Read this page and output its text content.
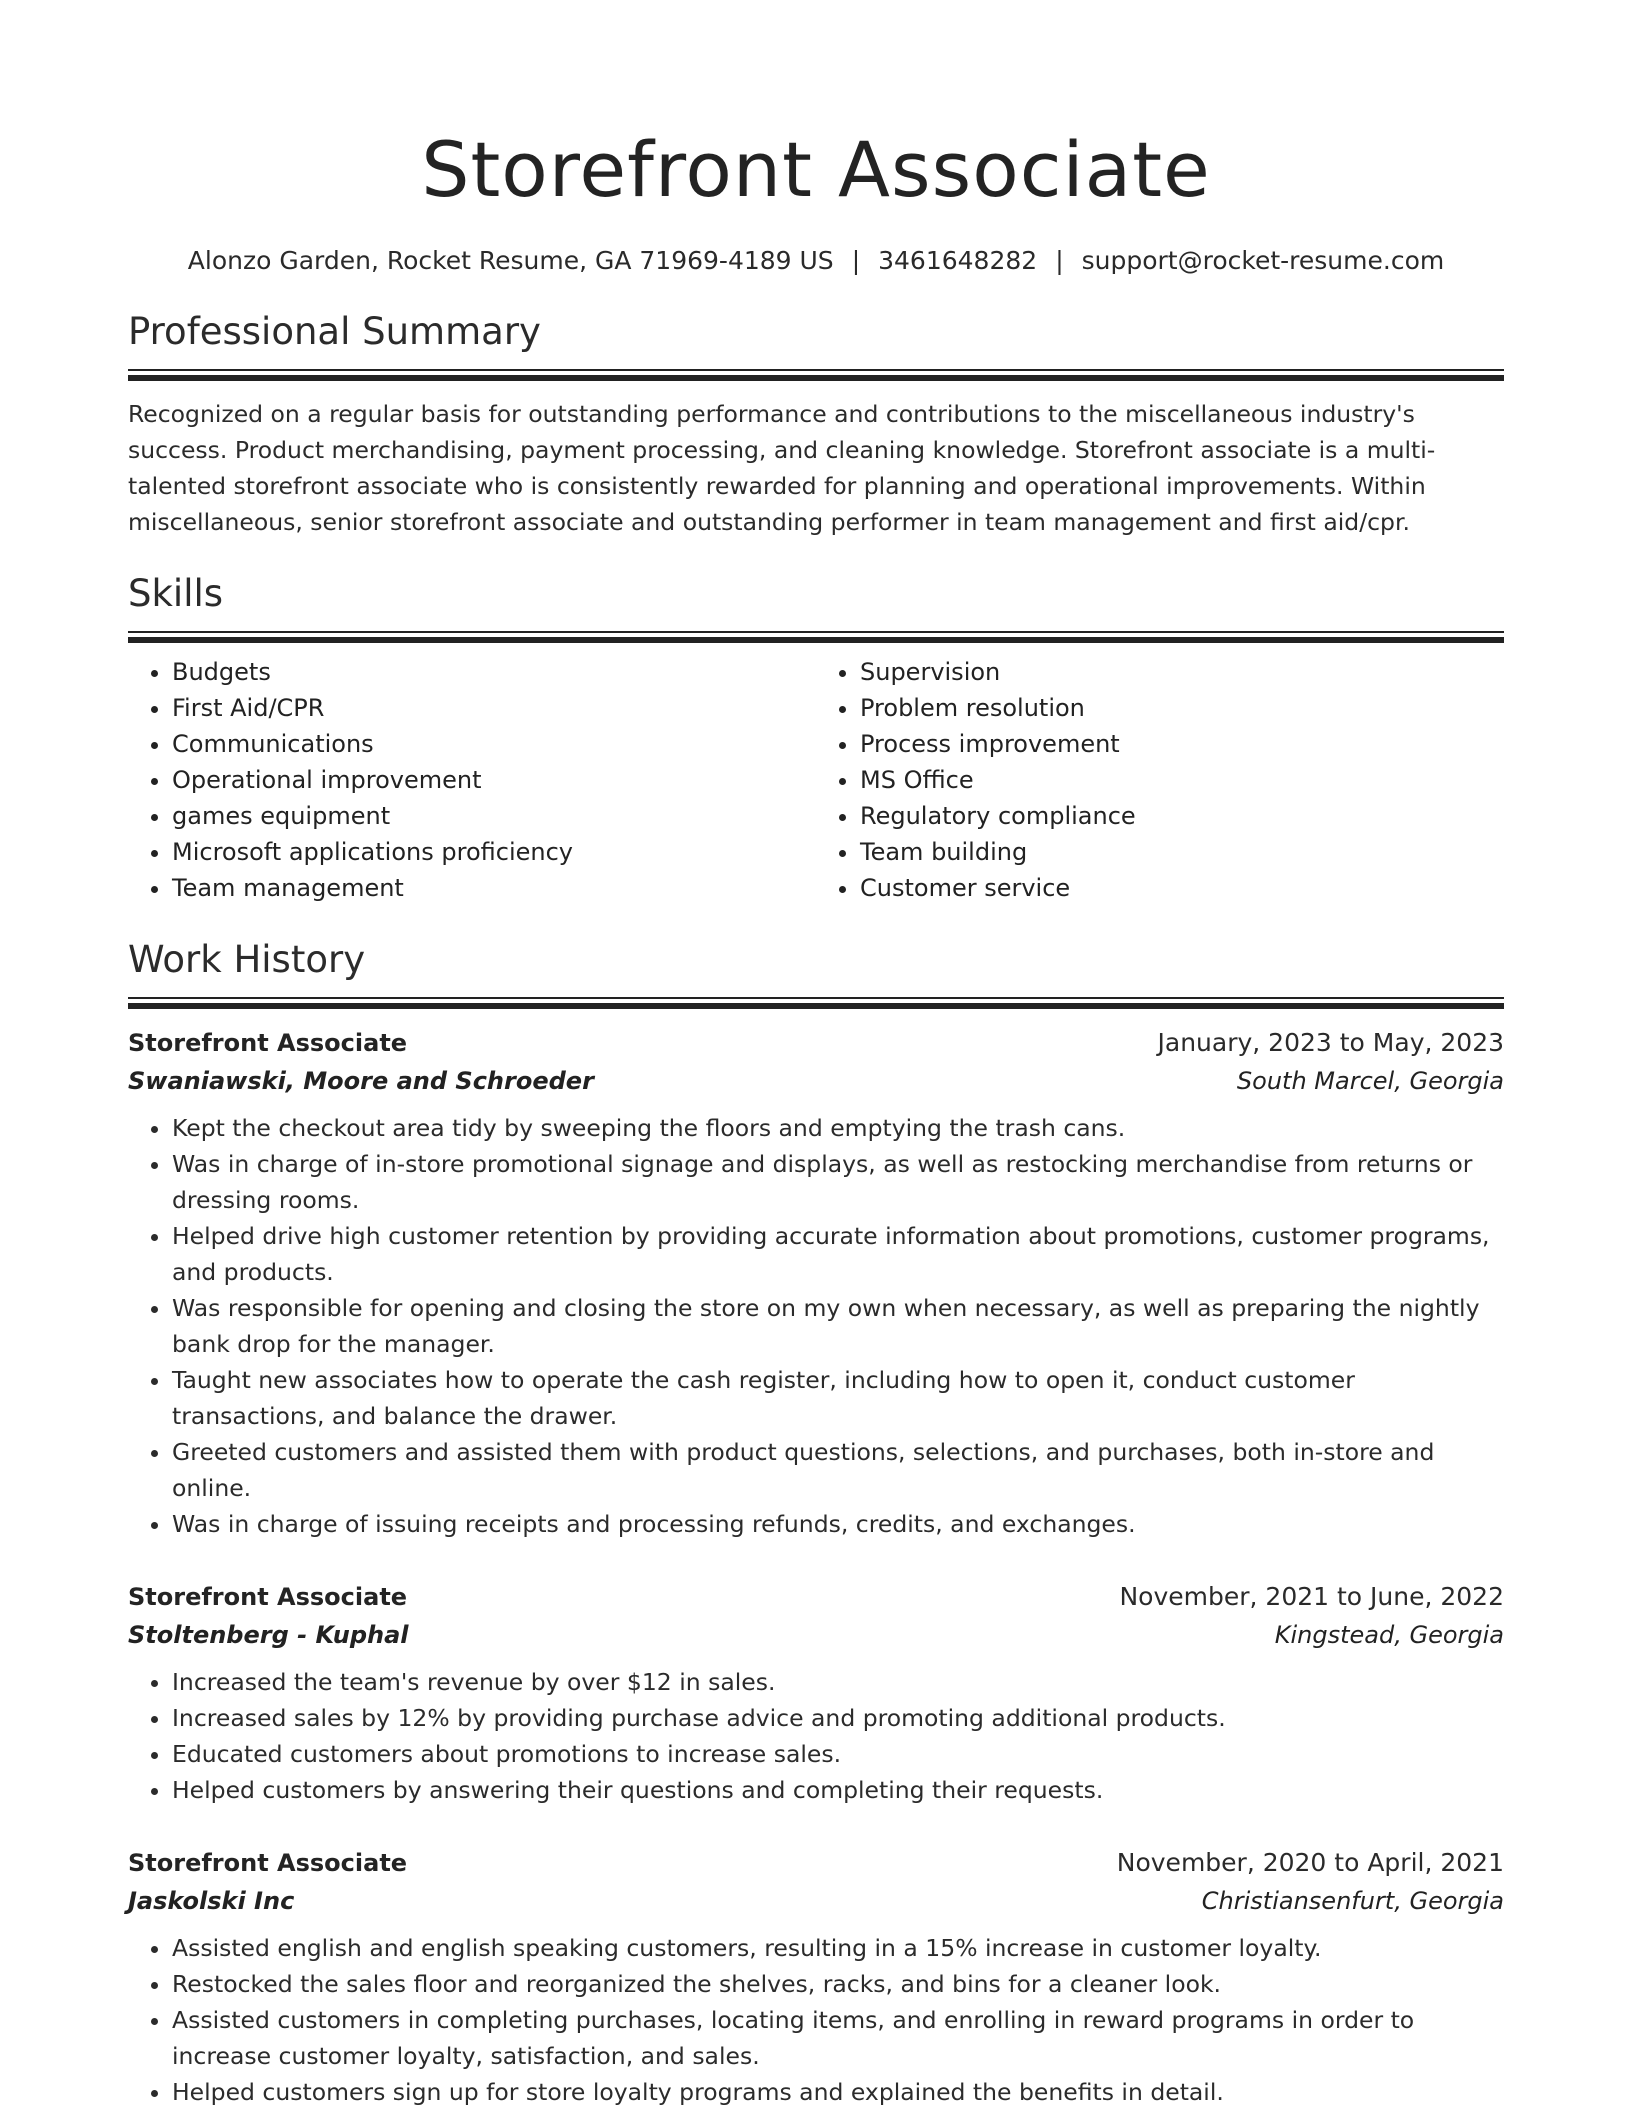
Storefront Associate
Alonzo Garden, Rocket Resume, GA 71969-4189 US | 3461648282 | support@rocket-resume.com
Professional Summary

Recognized on a regular basis for outstanding performance and contributions to the miscellaneous industry's success. Product merchandising, payment processing, and cleaning knowledge. Storefront associate is a multi-talented storefront associate who is consistently rewarded for planning and operational improvements. Within miscellaneous, senior storefront associate and outstanding performer in team management and first aid/cpr.

Skills
• Budgets
• First Aid/CPR
• Communications
• Operational improvement
• games equipment
• Microsoft applications proficiency
• Team management
• Supervision
• Problem resolution
• Process improvement
• MS Office
• Regulatory compliance
• Team building
• Customer service
Work History
Storefront Associate	January, 2023 to May, 2023
Swaniawski, Moore and Schroeder	South Marcel, Georgia
• Kept the checkout area tidy by sweeping the floors and emptying the trash cans.
• Was in charge of in-store promotional signage and displays, as well as restocking merchandise from returns or dressing rooms.
• Helped drive high customer retention by providing accurate information about promotions, customer programs, and products.
• Was responsible for opening and closing the store on my own when necessary, as well as preparing the nightly bank drop for the manager.
• Taught new associates how to operate the cash register, including how to open it, conduct customer transactions, and balance the drawer.
• Greeted customers and assisted them with product questions, selections, and purchases, both in-store and online.
• Was in charge of issuing receipts and processing refunds, credits, and exchanges.
Storefront Associate	November, 2021 to June, 2022
Stoltenberg - Kuphal	Kingstead, Georgia
• Increased the team's revenue by over $12 in sales.
• Increased sales by 12% by providing purchase advice and promoting additional products.
• Educated customers about promotions to increase sales.
• Helped customers by answering their questions and completing their requests.
Storefront Associate	November, 2020 to April, 2021
Jaskolski Inc	Christiansenfurt, Georgia
• Assisted english and english speaking customers, resulting in a 15% increase in customer loyalty.
• Restocked the sales floor and reorganized the shelves, racks, and bins for a cleaner look.
• Assisted customers in completing purchases, locating items, and enrolling in reward programs in order to increase customer loyalty, satisfaction, and sales.
• Helped customers sign up for store loyalty programs and explained the benefits in detail.
